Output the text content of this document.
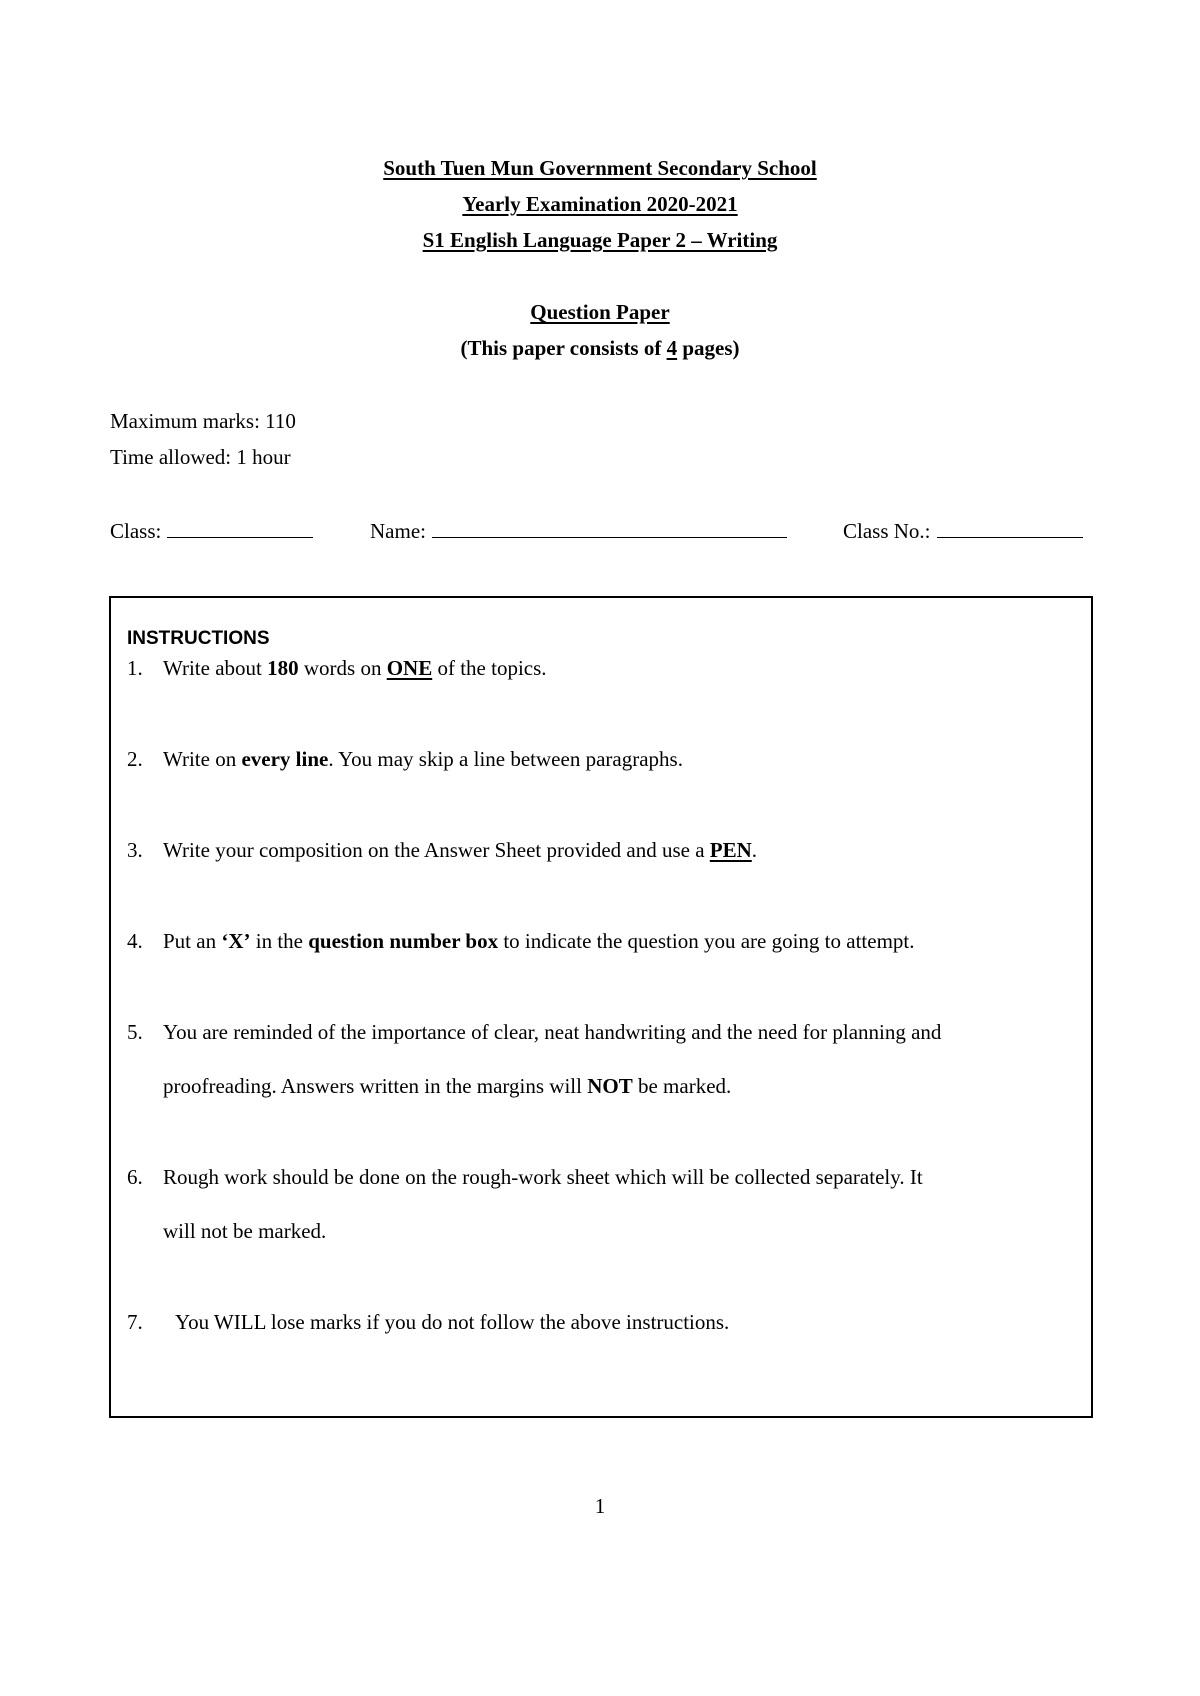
South Tuen Mun Government Secondary School
Yearly Examination 2020-2021
S1 English Language Paper 2 – Writing
Question Paper
(This paper consists of 4 pages)
Maximum marks: 110
Time allowed: 1 hour
Class:	Name:	Class No.:
INSTRUCTIONS
1. Write about 180 words on ONE of the topics.
2. Write on every line. You may skip a line between paragraphs.
3. Write your composition on the Answer Sheet provided and use a PEN.
4. Put an ‘X’ in the question number box to indicate the question you are going to attempt.
5. You are reminded of the importance of clear, neat handwriting and the need for planning and
proofreading. Answers written in the margins will NOT be marked.
6. Rough work should be done on the rough-work sheet which will be collected separately. It
will not be marked.
7. You WILL lose marks if you do not follow the above instructions.
1
